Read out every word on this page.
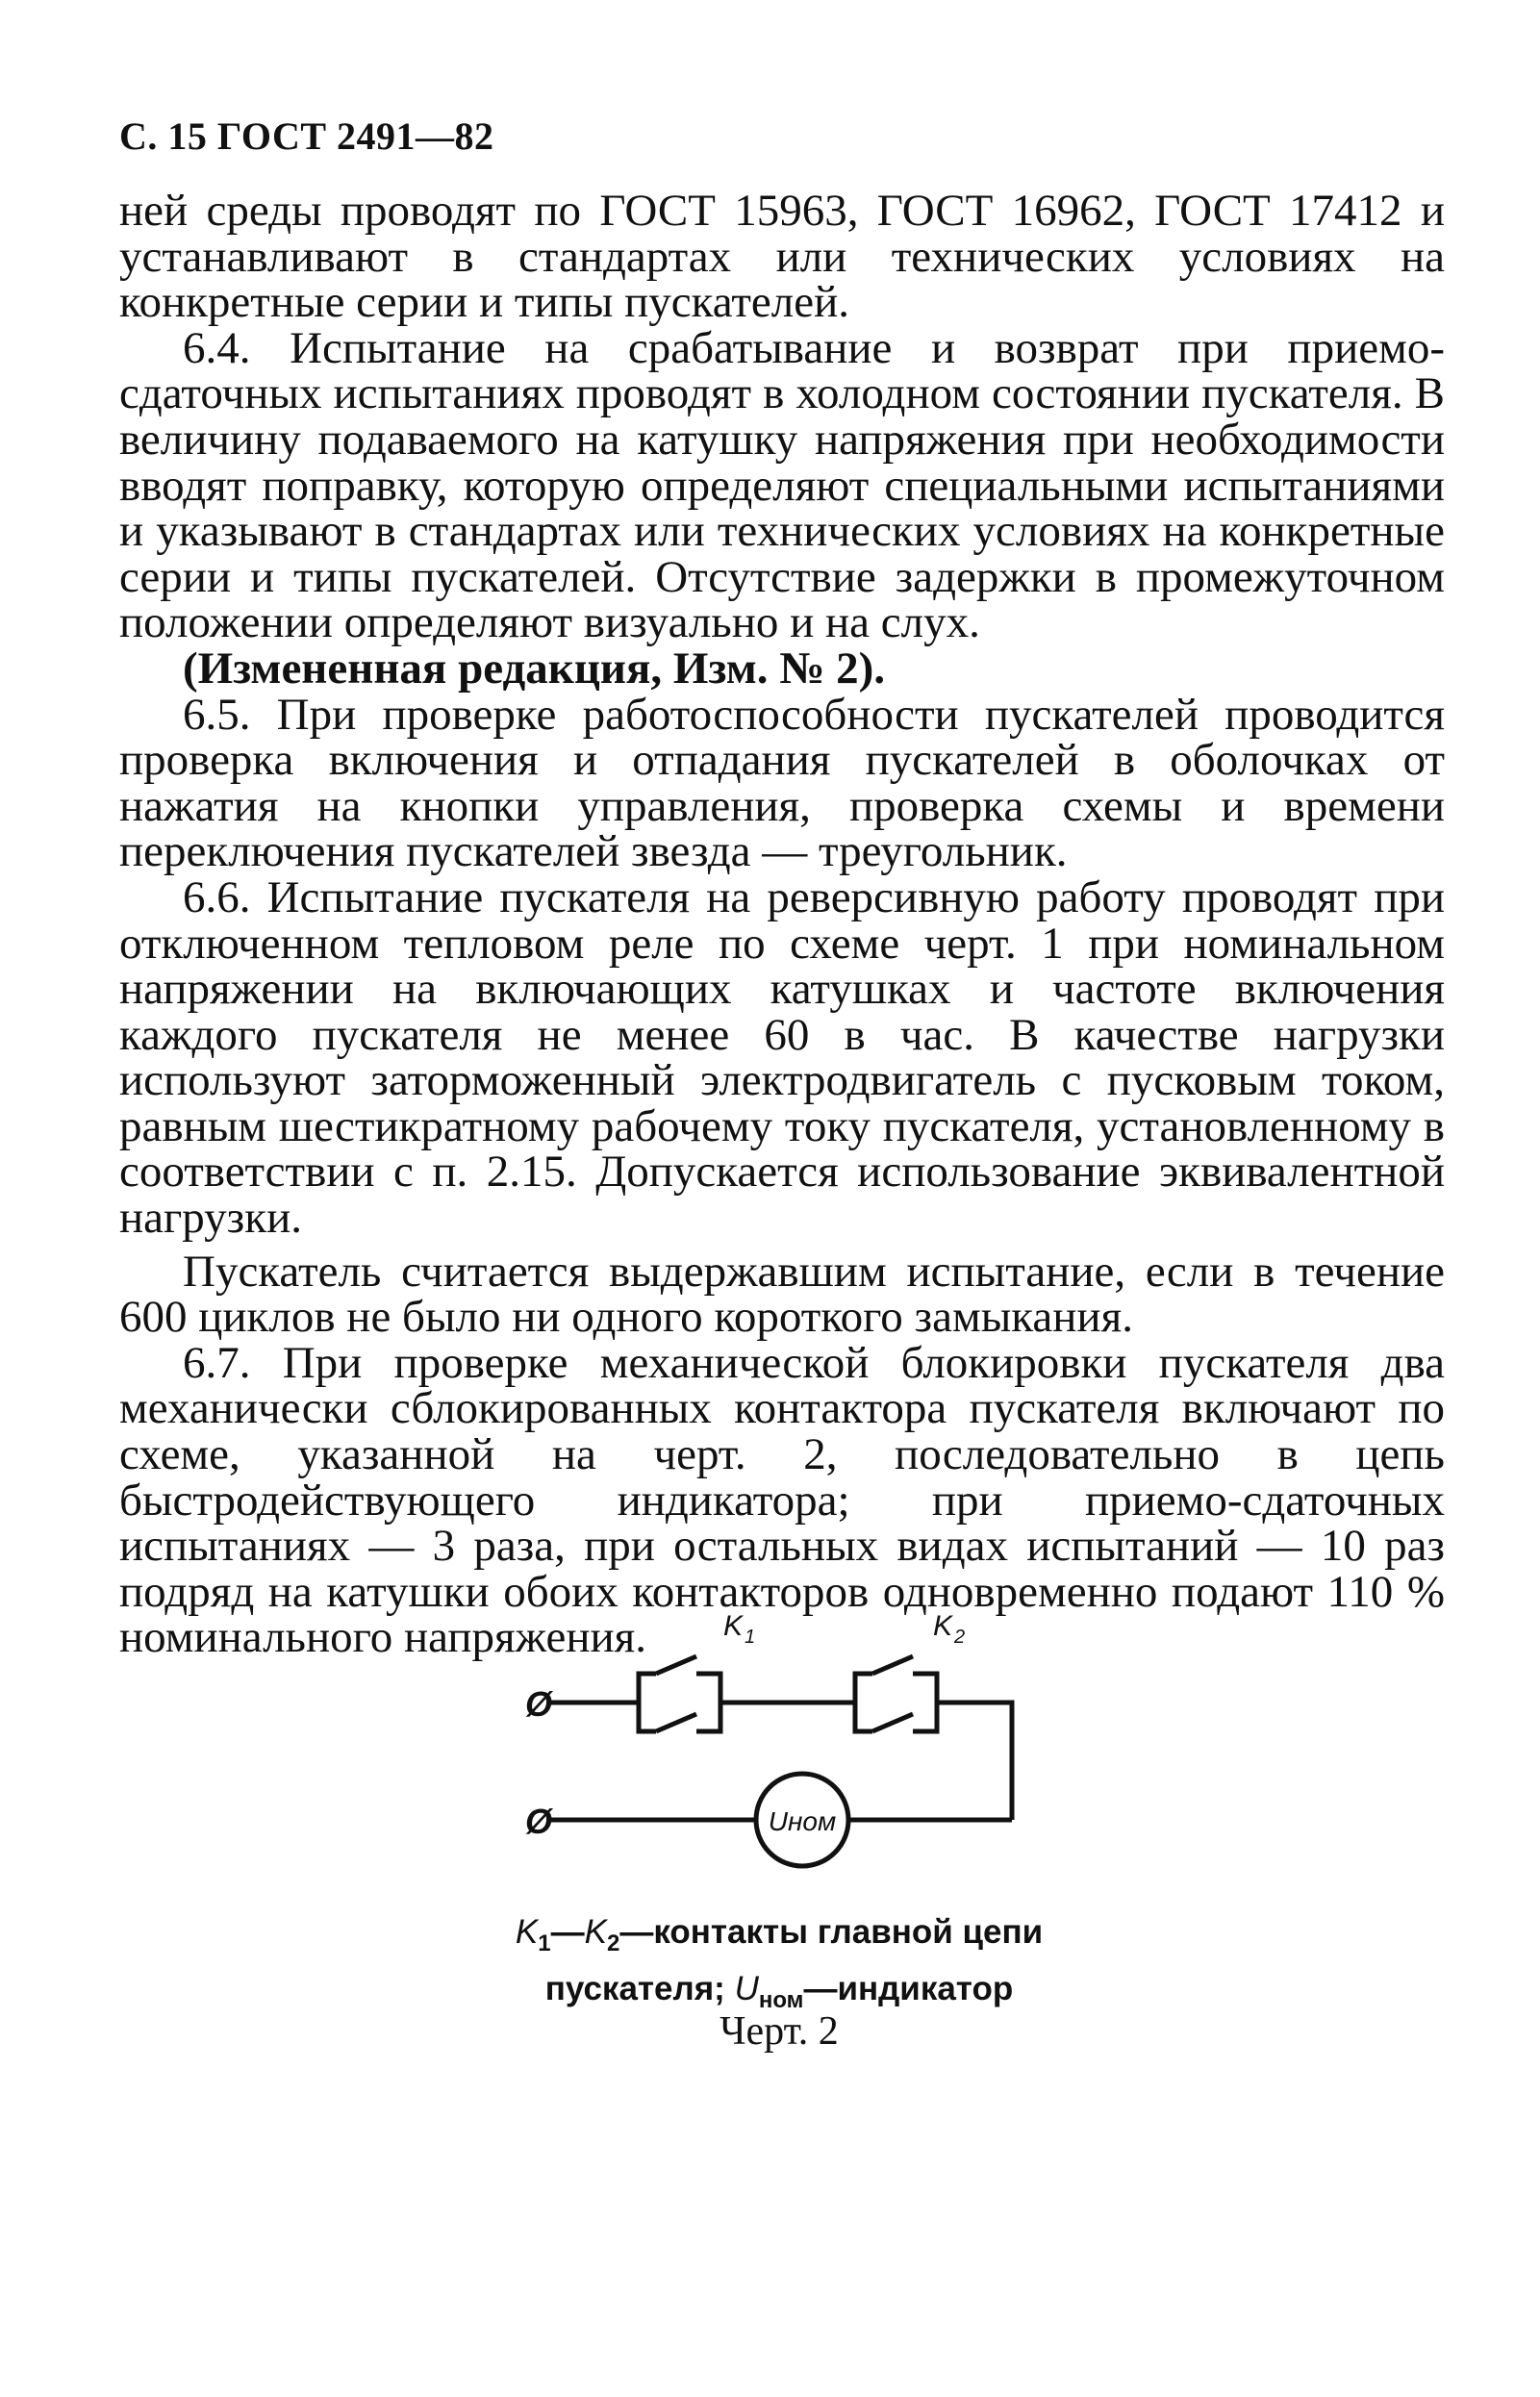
С. 15 ГОСТ 2491—82

ней среды проводят по ГОСТ 15963, ГОСТ 16962, ГОСТ 17412 и устанавливают в стандартах или технических условиях на конкретные серии и типы пускателей.

6.4. Испытание на срабатывание и возврат при приемо-сдаточных испытаниях проводят в холодном состоянии пускателя. В величину подаваемого на катушку напряжения при необходимости вводят поправку, которую определяют специальными испытаниями и указывают в стандартах или технических условиях на конкретные серии и типы пускателей. Отсутствие задержки в промежуточном положении определяют визуально и на слух.

(Измененная редакция, Изм. № 2).

6.5. При проверке работоспособности пускателей проводится проверка включения и отпадания пускателей в оболочках от нажатия на кнопки управления, проверка схемы и времени переключения пускателей звезда — треугольник.

6.6. Испытание пускателя на реверсивную работу проводят при отключенном тепловом реле по схеме черт. 1 при номинальном напряжении на включающих катушках и частоте включения каждого пускателя не менее 60 в час. В качестве нагрузки используют заторможенный электродвигатель с пусковым током, равным шестикратному рабочему току пускателя, установленному в соответствии с п. 2.15. Допускается использование эквивалентной нагрузки.

Пускатель считается выдержавшим испытание, если в течение 600 циклов не было ни одного короткого замыкания.

6.7. При проверке механической блокировки пускателя два механически сблокированных контактора пускателя включают по схеме, указанной на черт. 2, последовательно в цепь быстродействующего индикатора; при приемо-сдаточных испытаниях — 3 раза, при остальных видах испытаний — 10 раз подряд на катушки обоих контакторов одновременно подают 110 % номинального напряжения.	K $_1$	K $_2$
Ø
Ø	Uном
$K_1—K_2—контакты$ главной цепи
пускателя; $U_{ном}—индикатор$
Черт. 2
